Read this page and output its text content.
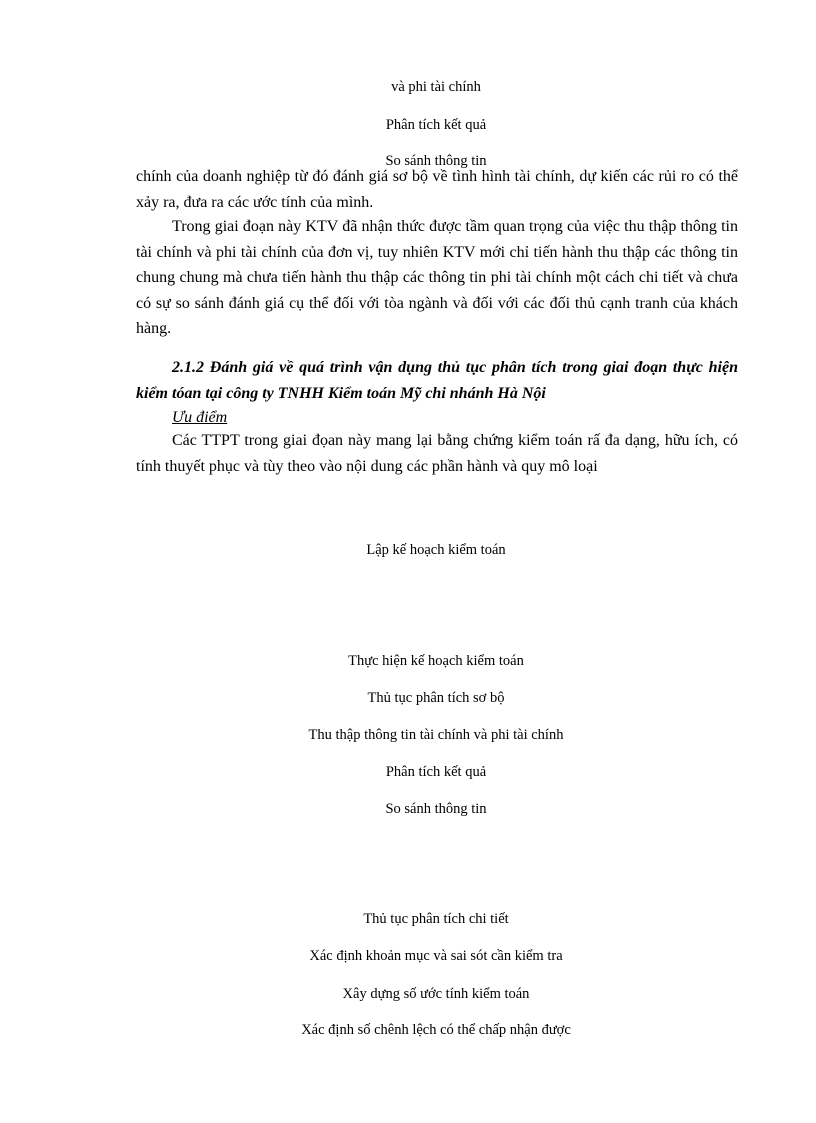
và phi tài chính
Phân tích kết quả
So sánh thông tin

chính của doanh nghiệp từ đó đánh giá sơ bộ về tình hình tài chính, dự kiến các rủi ro có thể xảy ra, đưa ra các ước tính của mình.

Trong giai đoạn này KTV đã nhận thức được tầm quan trọng của việc thu thập thông tin tài chính và phi tài chính của đơn vị, tuy nhiên KTV mới chỉ tiến hành thu thập các thông tin chung chung mà chưa tiến hành thu thập các thông tin phi tài chính một cách chi tiết và chưa có sự so sánh đánh giá cụ thể đối với tòa ngành và đối với các đối thủ cạnh tranh của khách hàng.

2.1.2 Đánh giá về quá trình vận dụng thủ tục phân tích trong giai đoạn thực hiện kiểm tóan tại công ty TNHH Kiểm toán Mỹ chi nhánh Hà Nội

Ưu điểm

Các TTPT trong giai đọan này mang lại bằng chứng kiểm toán rấ đa dạng, hữu ích, có tính thuyết phục và tùy theo vào nội dung các phần hành và quy mô loại

Lập kế hoạch kiểm toán
Thực hiện kế hoạch kiểm toán
Thủ tục phân tích sơ bộ
Thu thập thông tin tài chính và phi tài chính
Phân tích kết quả
So sánh thông tin
Thủ tục phân tích chi tiết
Xác định khoản mục và sai sót cần kiểm tra
Xây dựng số ước tính kiểm toán
Xác định số chênh lệch có thể chấp nhận được
